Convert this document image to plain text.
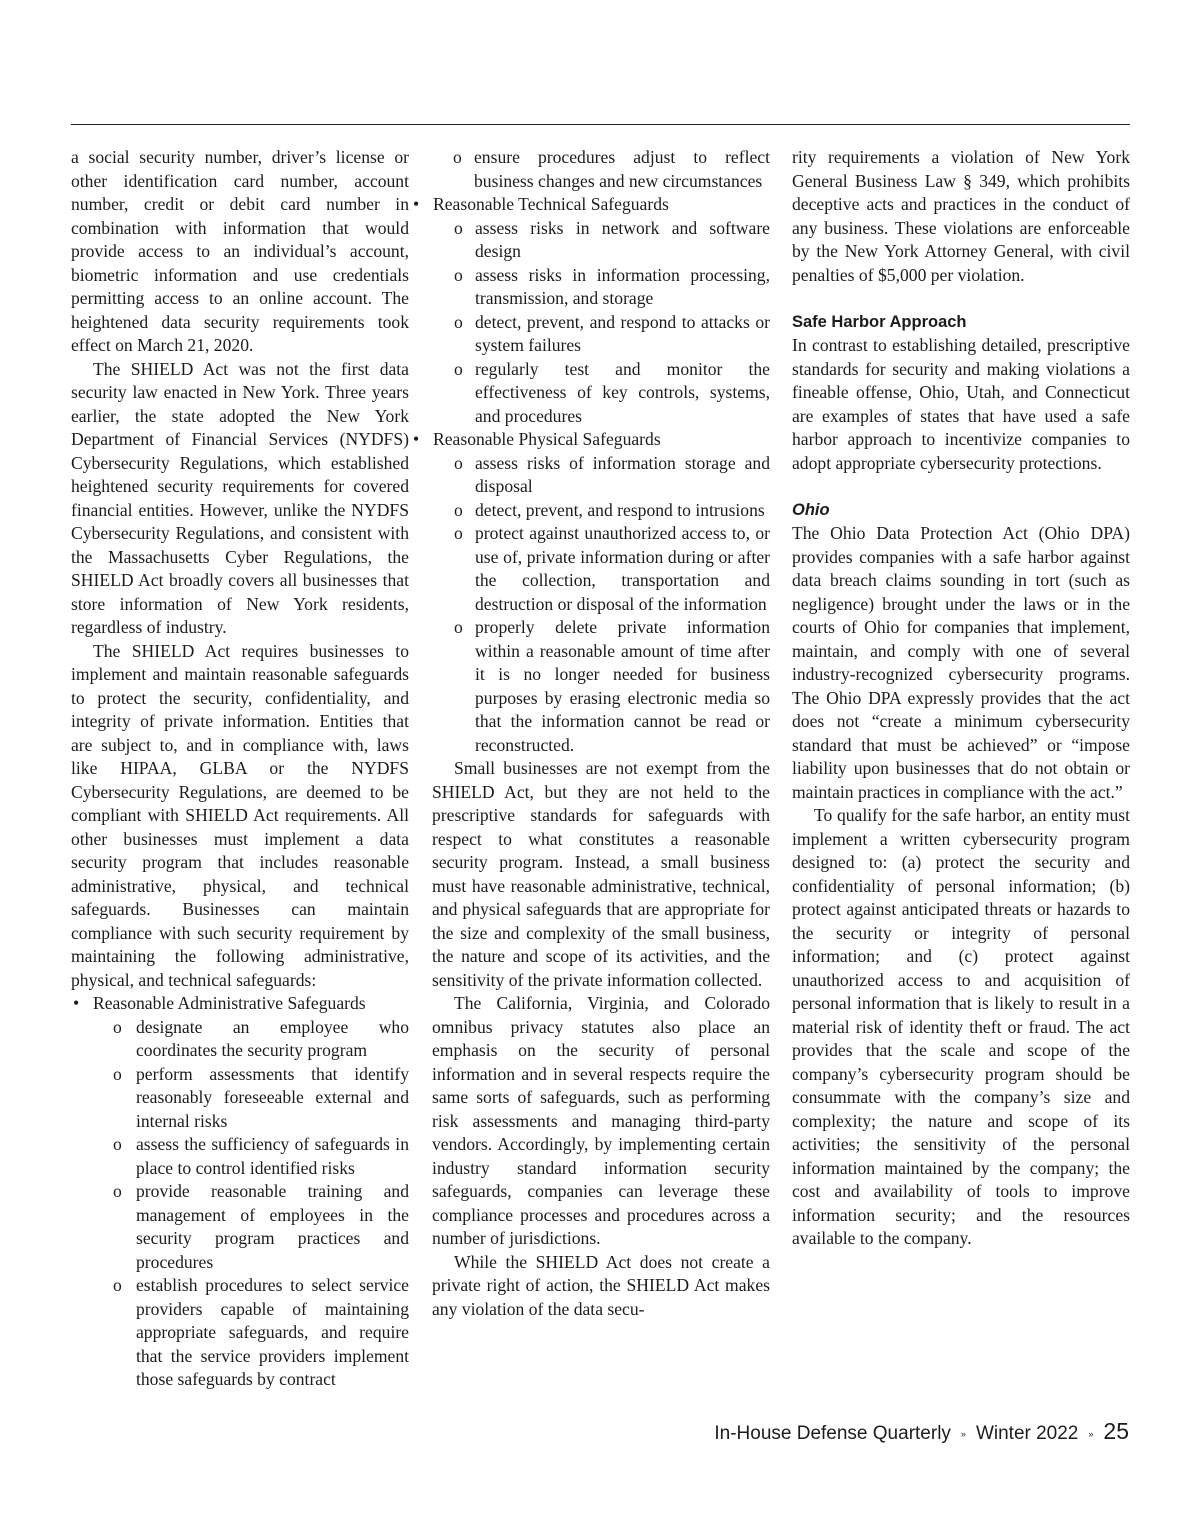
a social security number, driver’s license or other identification card number, account number, credit or debit card number in combination with information that would provide access to an individual’s account, biometric information and use credentials permitting access to an online account. The heightened data security requirements took effect on March 21, 2020.

The SHIELD Act was not the first data security law enacted in New York. Three years earlier, the state adopted the New York Department of Financial Services (NYDFS) Cybersecurity Regulations, which established heightened security requirements for covered financial entities. However, unlike the NYDFS Cybersecurity Regulations, and consistent with the Massachusetts Cyber Regulations, the SHIELD Act broadly covers all businesses that store information of New York residents, regardless of industry.

The SHIELD Act requires businesses to implement and maintain reasonable safeguards to protect the security, confidentiality, and integrity of private information. Entities that are subject to, and in compliance with, laws like HIPAA, GLBA or the NYDFS Cybersecurity Regulations, are deemed to be compliant with SHIELD Act requirements. All other businesses must implement a data security program that includes reasonable administrative, physical, and technical safeguards. Businesses can maintain compliance with such security requirement by maintaining the following administrative, physical, and technical safeguards:

• Reasonable Administrative Safeguards
o designate an employee who coordinates the security program
o perform assessments that identify reasonably foreseeable external and internal risks
o assess the sufficiency of safeguards in place to control identified risks
o provide reasonable training and management of employees in the security program practices and procedures
o establish procedures to select service providers capable of maintaining appropriate safeguards, and require that the service providers implement those safeguards by contract
o ensure procedures adjust to reflect business changes and new circumstances
• Reasonable Technical Safeguards
o assess risks in network and software design
o assess risks in information processing, transmission, and storage
o detect, prevent, and respond to attacks or system failures
o regularly test and monitor the effectiveness of key controls, systems, and procedures
• Reasonable Physical Safeguards
o assess risks of information storage and disposal
o detect, prevent, and respond to intrusions
o protect against unauthorized access to, or use of, private information during or after the collection, transportation and destruction or disposal of the information
o properly delete private information within a reasonable amount of time after it is no longer needed for business purposes by erasing electronic media so that the information cannot be read or reconstructed.

Small businesses are not exempt from the SHIELD Act, but they are not held to the prescriptive standards for safeguards with respect to what constitutes a reasonable security program. Instead, a small business must have reasonable administrative, technical, and physical safeguards that are appropriate for the size and complexity of the small business, the nature and scope of its activities, and the sensitivity of the private information collected.

The California, Virginia, and Colorado omnibus privacy statutes also place an emphasis on the security of personal information and in several respects require the same sorts of safeguards, such as performing risk assessments and managing third-party vendors. Accordingly, by implementing certain industry standard information security safeguards, companies can leverage these compliance processes and procedures across a number of jurisdictions.

While the SHIELD Act does not create a private right of action, the SHIELD Act makes any violation of the data secu-

rity requirements a violation of New York General Business Law § 349, which prohibits deceptive acts and practices in the conduct of any business. These violations are enforceable by the New York Attorney General, with civil penalties of $5,000 per violation.

Safe Harbor Approach

In contrast to establishing detailed, prescriptive standards for security and making violations a fineable offense, Ohio, Utah, and Connecticut are examples of states that have used a safe harbor approach to incentivize companies to adopt appropriate cybersecurity protections.

Ohio

The Ohio Data Protection Act (Ohio DPA) provides companies with a safe harbor against data breach claims sounding in tort (such as negligence) brought under the laws or in the courts of Ohio for companies that implement, maintain, and comply with one of several industry-recognized cybersecurity programs. The Ohio DPA expressly provides that the act does not “create a minimum cybersecurity standard that must be achieved” or “impose liability upon businesses that do not obtain or maintain practices in compliance with the act.”

To qualify for the safe harbor, an entity must implement a written cybersecurity program designed to: (a) protect the security and confidentiality of personal information; (b) protect against anticipated threats or hazards to the security or integrity of personal information; and (c) protect against unauthorized access to and acquisition of personal information that is likely to result in a material risk of identity theft or fraud. The act provides that the scale and scope of the company’s cybersecurity program should be consummate with the company’s size and complexity; the nature and scope of its activities; the sensitivity of the personal information maintained by the company; the cost and availability of tools to improve information security; and the resources available to the company.

In-House Defense Quarterly » Winter 2022 » 25
